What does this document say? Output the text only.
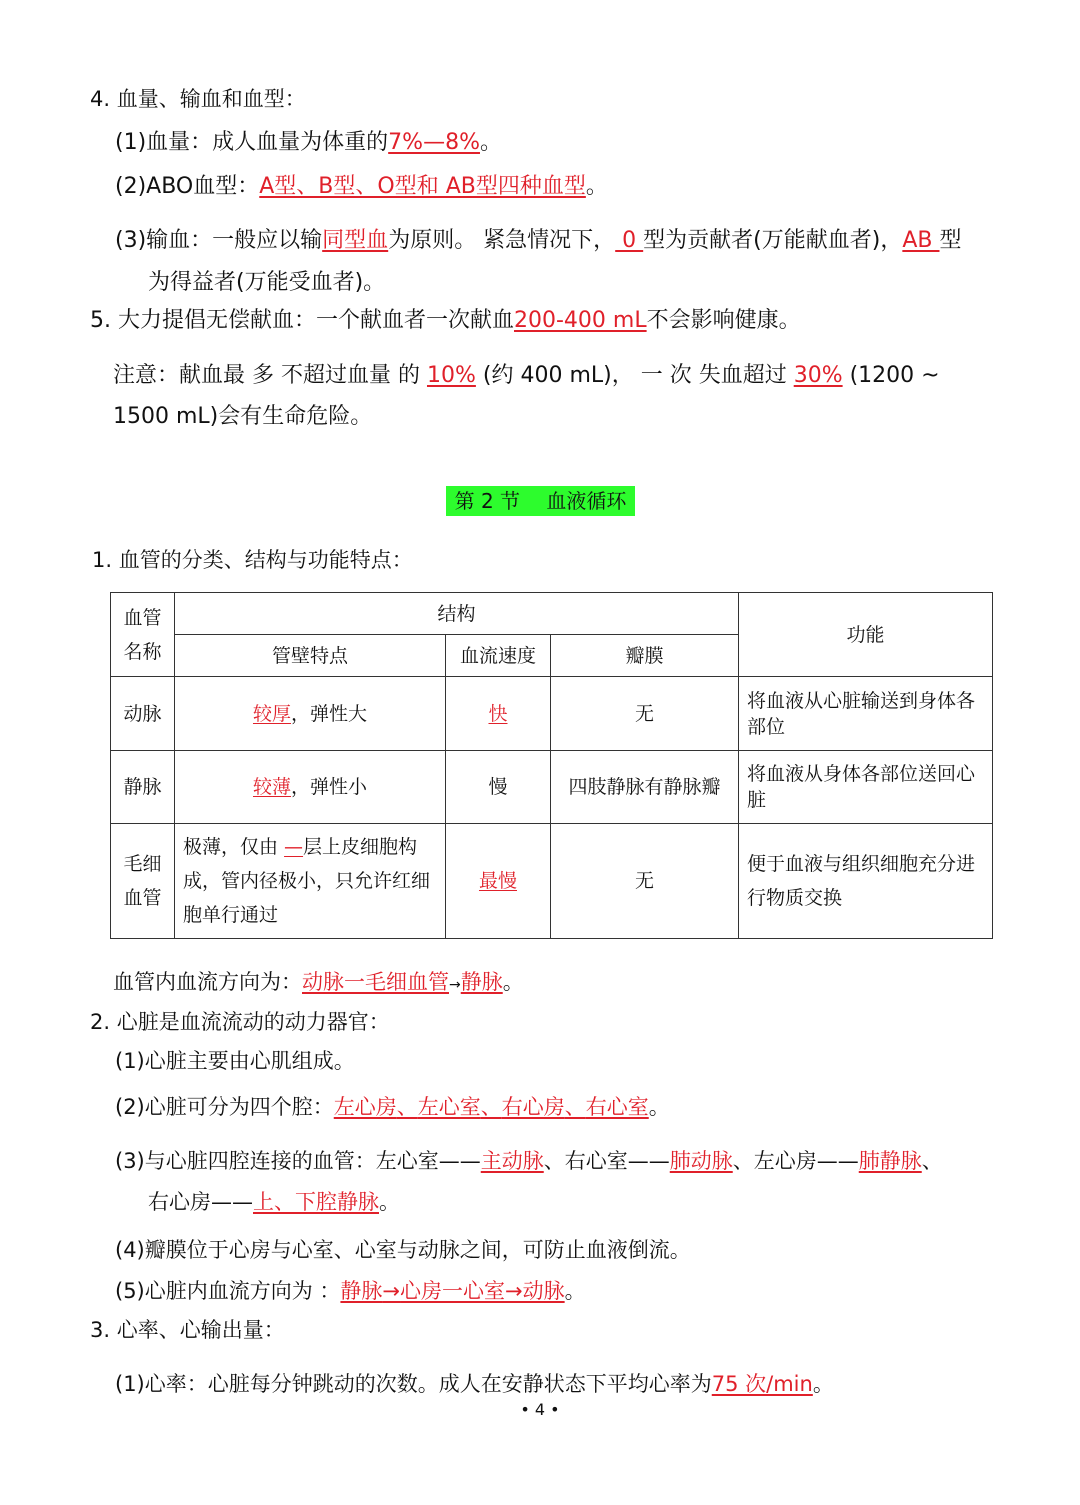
4. 血量、输血和血型：
(1)血量：成人血量为体重的7%—8%。
(2)ABO血型：A型、B型、O型和 AB型四种血型。
(3)输血：一般应以输同型血为原则。 紧急情况下， 0 型为贡献者(万能献血者)，AB 型
为得益者(万能受血者)。
5. 大力提倡无偿献血：一个献血者一次献血200-400 mL不会影响健康。
注意：献血最 多 不超过血量 的 10% (约 400 mL)， 一 次 失血超过 30% (1200 ~
1500 mL)会有生命危险。
第 2 节　 血液循环
1. 血管的分类、结构与功能特点：
血管
名称	结构			功能
	管壁特点	血流速度	瓣膜	
动脉	较厚，弹性大	快	无	将血液从心脏输送到身体各部位
静脉	较薄，弹性小	慢	四肢静脉有静脉瓣	将血液从身体各部位送回心脏
毛细
血管	极薄，仅由 —层上皮细胞构成，管内径极小，只允许红细胞单行通过	最慢	无	便于血液与组织细胞充分进行物质交换
血管内血流方向为：动脉一毛细血管→静脉。
2. 心脏是血流流动的动力器官：
(1)心脏主要由心肌组成。
(2)心脏可分为四个腔：左心房、左心室、右心房、右心室。
(3)与心脏四腔连接的血管：左心室——主动脉、右心室——肺动脉、左心房——肺静脉、
右心房——上、下腔静脉。
(4)瓣膜位于心房与心室、心室与动脉之间，可防止血液倒流。
(5)心脏内血流方向为 ：静脉→心房一心室→动脉。
3. 心率、心输出量：
(1)心率：心脏每分钟跳动的次数。成人在安静状态下平均心率为75 次/min。
• 4 •
